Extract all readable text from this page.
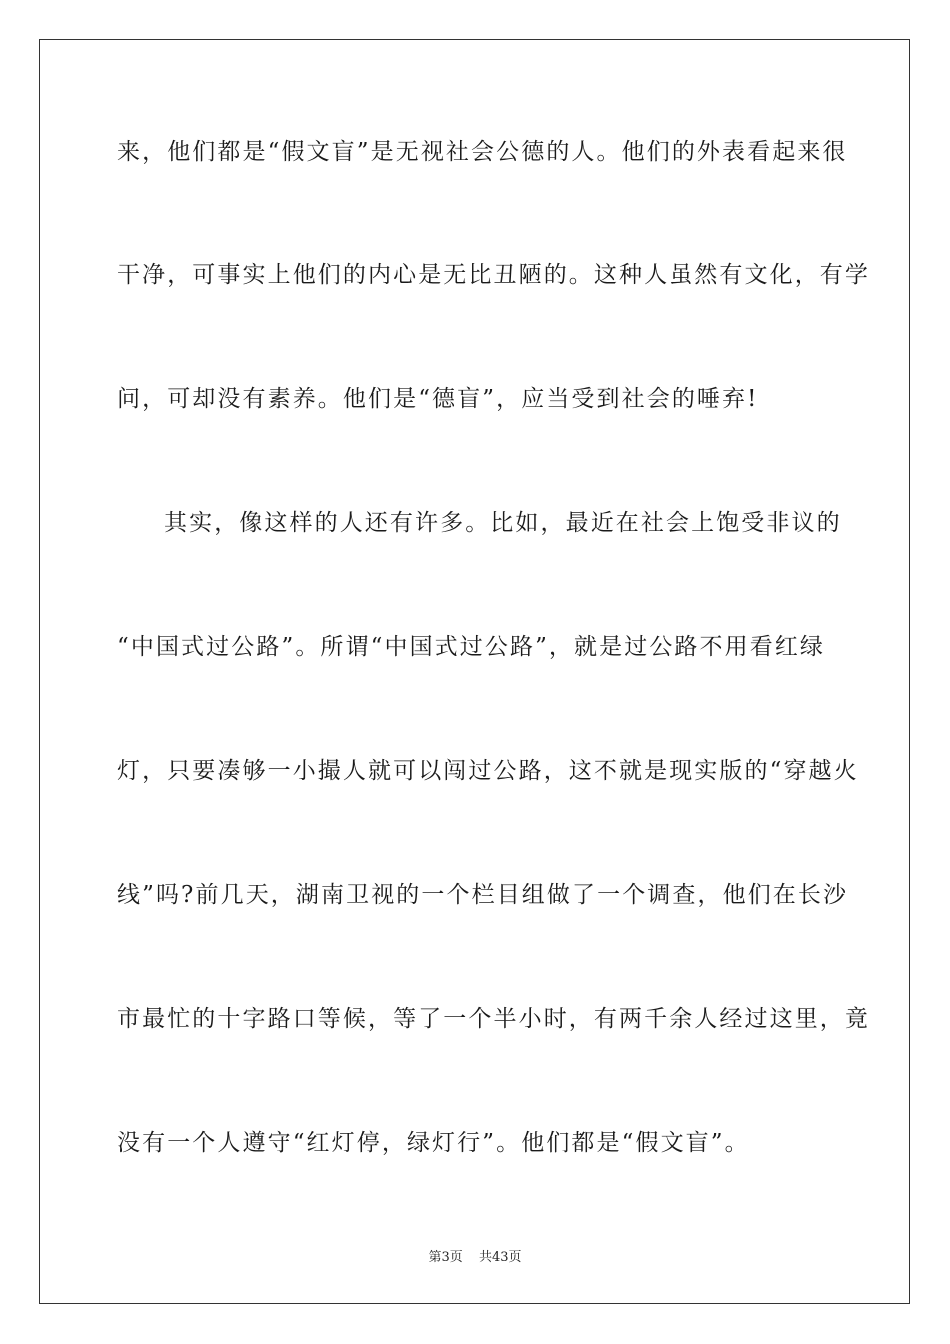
来，他们都是“假文盲”是无视社会公德的人。他们的外表看起来很
干净，可事实上他们的内心是无比丑陋的。这种人虽然有文化，有学
问，可却没有素养。他们是“德盲”，应当受到社会的唾弃!
其实，像这样的人还有许多。比如，最近在社会上饱受非议的
“中国式过公路”。所谓“中国式过公路”，就是过公路不用看红绿
灯，只要凑够一小撮人就可以闯过公路，这不就是现实版的“穿越火
线”吗?前几天，湖南卫视的一个栏目组做了一个调查，他们在长沙
市最忙的十字路口等候，等了一个半小时，有两千余人经过这里，竟
没有一个人遵守“红灯停，绿灯行”。他们都是“假文盲”。
第3页 共43页
